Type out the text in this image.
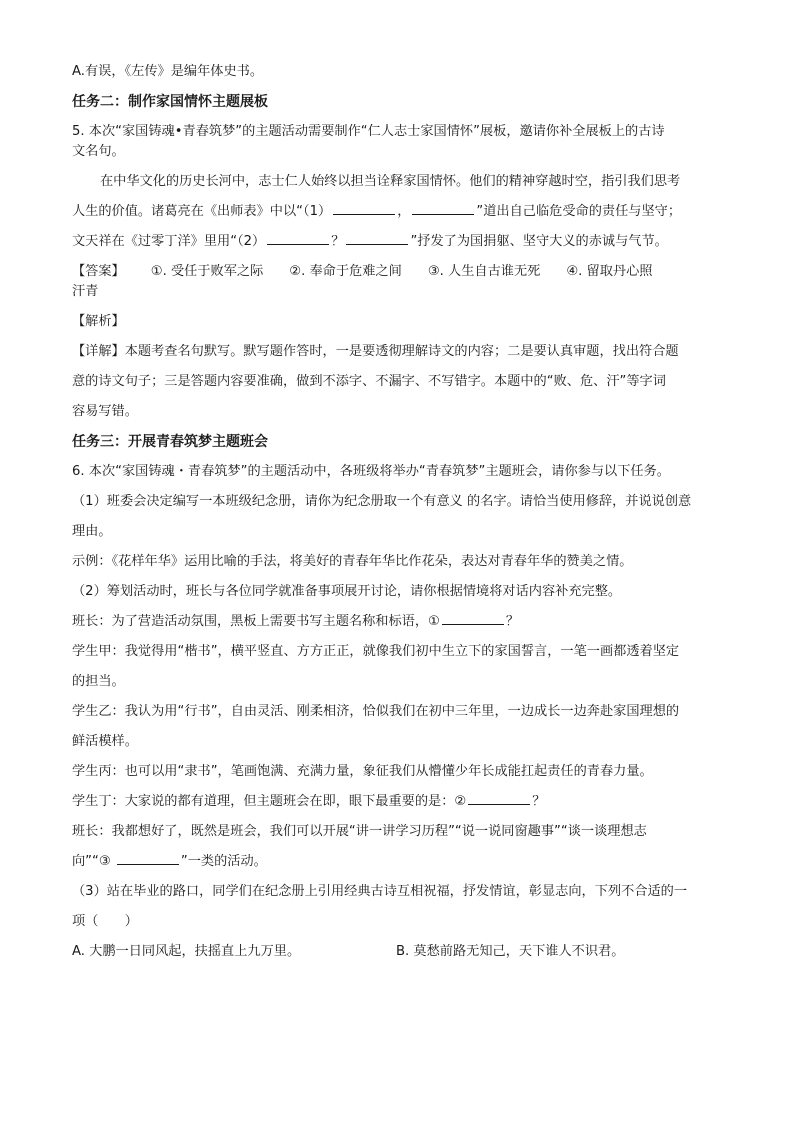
A.有误，《左传》是编年体史书。

任务二：制作家国情怀主题展板

5. 本次“家国铸魂•青春筑梦”的主题活动需要制作“仁人志士家国情怀”展板，邀请你补全展板上的古诗

文名句。

在中华文化的历史长河中，志士仁人始终以担当诠释家国情怀。他们的精神穿越时空，指引我们思考

人生的价值。诸葛亮在《出师表》中以“（1）	，	”道出自己临危受命的责任与坚守；

文天祥在《过零丁洋》里用“（2）	？	”抒发了为国捐躯、坚守大义的赤诚与气节。

【答案】 ①. 受任于败军之际 ②. 奉命于危难之间 ③. 人生自古谁无死 ④. 留取丹心照

汗青

【解析】

【详解】本题考查名句默写。默写题作答时，一是要透彻理解诗文的内容；二是要认真审题，找出符合题

意的诗文句子；三是答题内容要准确，做到不添字、不漏字、不写错字。本题中的“败、危、汗”等字词

容易写错。

任务三：开展青春筑梦主题班会

6. 本次“家国铸魂・青春筑梦”的主题活动中，各班级将举办“青春筑梦”主题班会，请你参与以下任务。

（1）班委会决定编写一本班级纪念册，请你为纪念册取一个有意义 的名字。请恰当使用修辞，并说说创意

理由。

示例：《花样年华》运用比喻的手法，将美好的青春年华比作花朵，表达对青春年华的赞美之情。

（2）筹划活动时，班长与各位同学就准备事项展开讨论，请你根据情境将对话内容补充完整。

班长：为了营造活动氛围，黑板上需要书写主题名称和标语，①	？

学生甲：我觉得用“楷书”，横平竖直、方方正正，就像我们初中生立下的家国誓言，一笔一画都透着坚定

的担当。

学生乙：我认为用“行书”，自由灵活、刚柔相济，恰似我们在初中三年里，一边成长一边奔赴家国理想的

鲜活模样。

学生丙：也可以用“隶书”，笔画饱满、充满力量，象征我们从懵懂少年长成能扛起责任的青春力量。

学生丁：大家说的都有道理，但主题班会在即，眼下最重要的是：②	？

班长：我都想好了，既然是班会，我们可以开展“讲一讲学习历程”“说一说同窗趣事”“谈一谈理想志

向”“③	”一类的活动。

（3）站在毕业的路口，同学们在纪念册上引用经典古诗互相祝福，抒发情谊，彰显志向，下列不合适的一

项（　　）

A. 大鹏一日同风起，扶摇直上九万里。	B. 莫愁前路无知己，天下谁人不识君。
